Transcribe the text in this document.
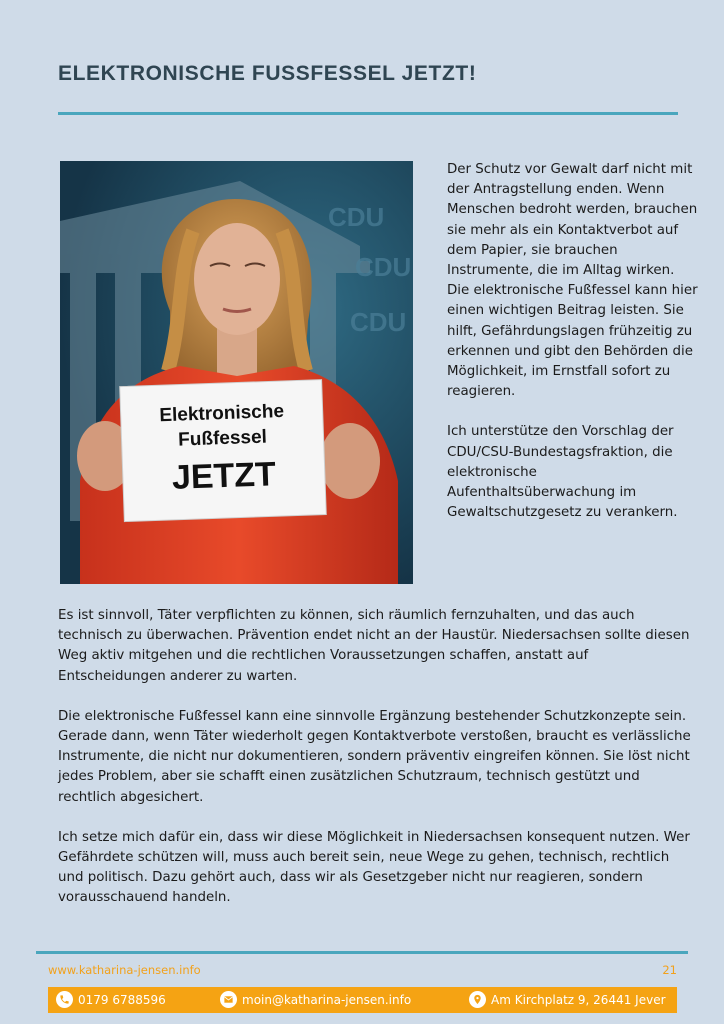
ELEKTRONISCHE FUSSFESSEL JETZT!
CDU
CDU
CDU
Elektronische
Fußfessel
JETZT

Der Schutz vor Gewalt darf nicht mit der Antragstellung enden. Wenn Menschen bedroht werden, brauchen sie mehr als ein Kontaktverbot auf dem Papier, sie brauchen Instrumente, die im Alltag wirken. Die elektronische Fußfessel kann hier einen wichtigen Beitrag leisten. Sie hilft, Gefährdungslagen frühzeitig zu erkennen und gibt den Behörden die Möglichkeit, im Ernstfall sofort zu reagieren.

Ich unterstütze den Vorschlag der CDU/CSU-Bundestagsfraktion, die elektronische Aufenthaltsüberwachung im Gewaltschutzgesetz zu verankern.

Es ist sinnvoll, Täter verpflichten zu können, sich räumlich fernzuhalten, und das auch technisch zu überwachen. Prävention endet nicht an der Haustür. Niedersachsen sollte diesen Weg aktiv mitgehen und die rechtlichen Voraussetzungen schaffen, anstatt auf Entscheidungen anderer zu warten.

Die elektronische Fußfessel kann eine sinnvolle Ergänzung bestehender Schutzkonzepte sein. Gerade dann, wenn Täter wiederholt gegen Kontaktverbote verstoßen, braucht es verlässliche Instrumente, die nicht nur dokumentieren, sondern präventiv eingreifen können. Sie löst nicht jedes Problem, aber sie schafft einen zusätzlichen Schutzraum, technisch gestützt und rechtlich abgesichert.

Ich setze mich dafür ein, dass wir diese Möglichkeit in Niedersachsen konsequent nutzen. Wer Gefährdete schützen will, muss auch bereit sein, neue Wege zu gehen, technisch, rechtlich und politisch. Dazu gehört auch, dass wir als Gesetzgeber nicht nur reagieren, sondern vorausschauend handeln.

www.katharina-jensen.info	21
0179 6788596	moin@katharina-jensen.info	Am Kirchplatz 9, 26441 Jever
